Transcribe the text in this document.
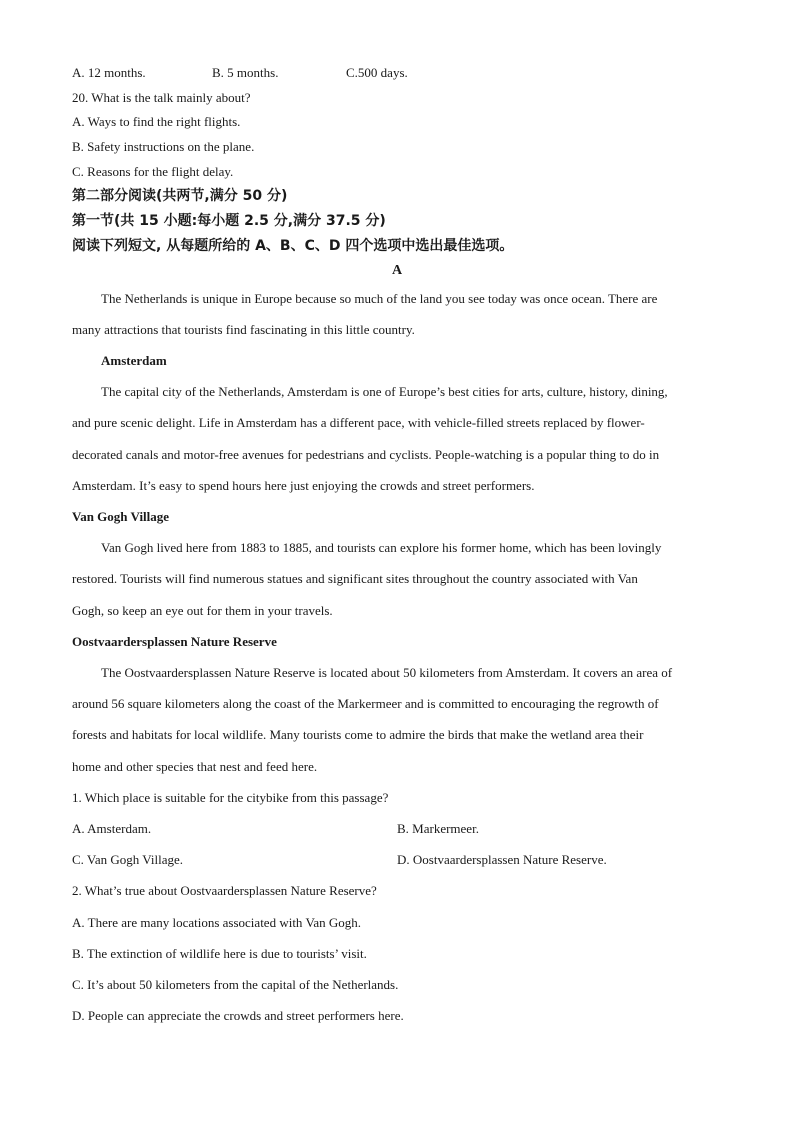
A. 12 months.	B. 5 months.	C.500 days.
20. What is the talk mainly about?
A. Ways to find the right flights.
B. Safety instructions on the plane.
C. Reasons for the flight delay.
第二部分阅读(共两节,满分 50 分)
第一节(共 15 小题:每小题 2.5 分,满分 37.5 分)
阅读下列短文, 从每题所给的 A、B、C、D 四个选项中选出最佳选项。
A
The Netherlands is unique in Europe because so much of the land you see today was once ocean. There are
many attractions that tourists find fascinating in this little country.
Amsterdam
The capital city of the Netherlands, Amsterdam is one of Europe’s best cities for arts, culture, history, dining,
and pure scenic delight. Life in Amsterdam has a different pace, with vehicle-filled streets replaced by flower-
decorated canals and motor-free avenues for pedestrians and cyclists. People-watching is a popular thing to do in
Amsterdam. It’s easy to spend hours here just enjoying the crowds and street performers.
Van Gogh Village
Van Gogh lived here from 1883 to 1885, and tourists can explore his former home, which has been lovingly
restored. Tourists will find numerous statues and significant sites throughout the country associated with Van
Gogh, so keep an eye out for them in your travels.
Oostvaardersplassen Nature Reserve
The Oostvaardersplassen Nature Reserve is located about 50 kilometers from Amsterdam. It covers an area of
around 56 square kilometers along the coast of the Markermeer and is committed to encouraging the regrowth of
forests and habitats for local wildlife. Many tourists come to admire the birds that make the wetland area their
home and other species that nest and feed here.
1. Which place is suitable for the citybike from this passage?
A. Amsterdam.	B. Markermeer.
C. Van Gogh Village.	D. Oostvaardersplassen Nature Reserve.
2. What’s true about Oostvaardersplassen Nature Reserve?
A. There are many locations associated with Van Gogh.
B. The extinction of wildlife here is due to tourists’ visit.
C. It’s about 50 kilometers from the capital of the Netherlands.
D. People can appreciate the crowds and street performers here.
